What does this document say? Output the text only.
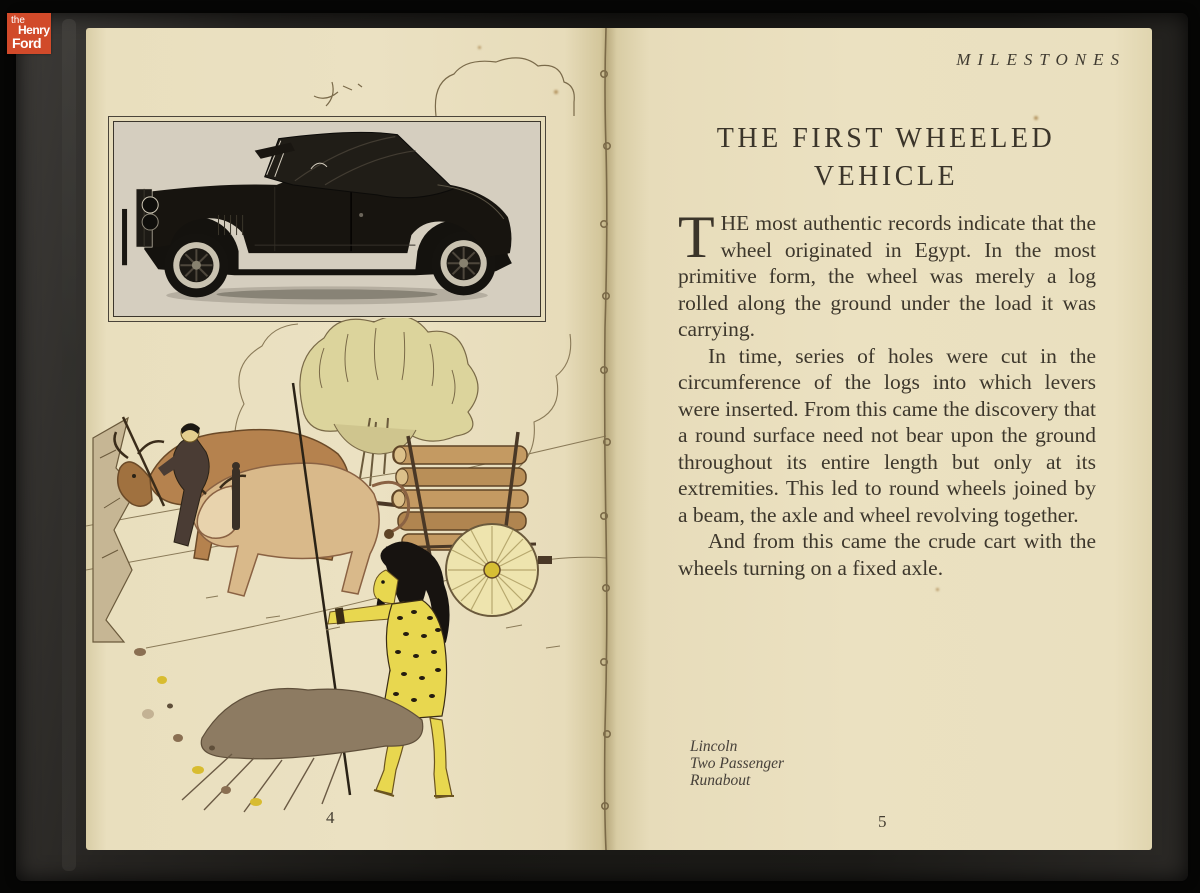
4
MILESTONES
THE FIRST WHEELED
VEHICLE

THE most authentic records indicate that the wheel originated in Egypt. In the most primitive form, the wheel was merely a log rolled along the ground under the load it was carrying.

In time, series of holes were cut in the circumference of the logs into which levers were inserted. From this came the discovery that a round surface need not bear upon the ground throughout its entire length but only at its extremities. This led to round wheels joined by a beam, the axle and wheel revolving together.

And from this came the crude cart with the wheels turning on a fixed axle.

Lincoln
Two Passenger
Runabout
5
the
Henry
Ford
